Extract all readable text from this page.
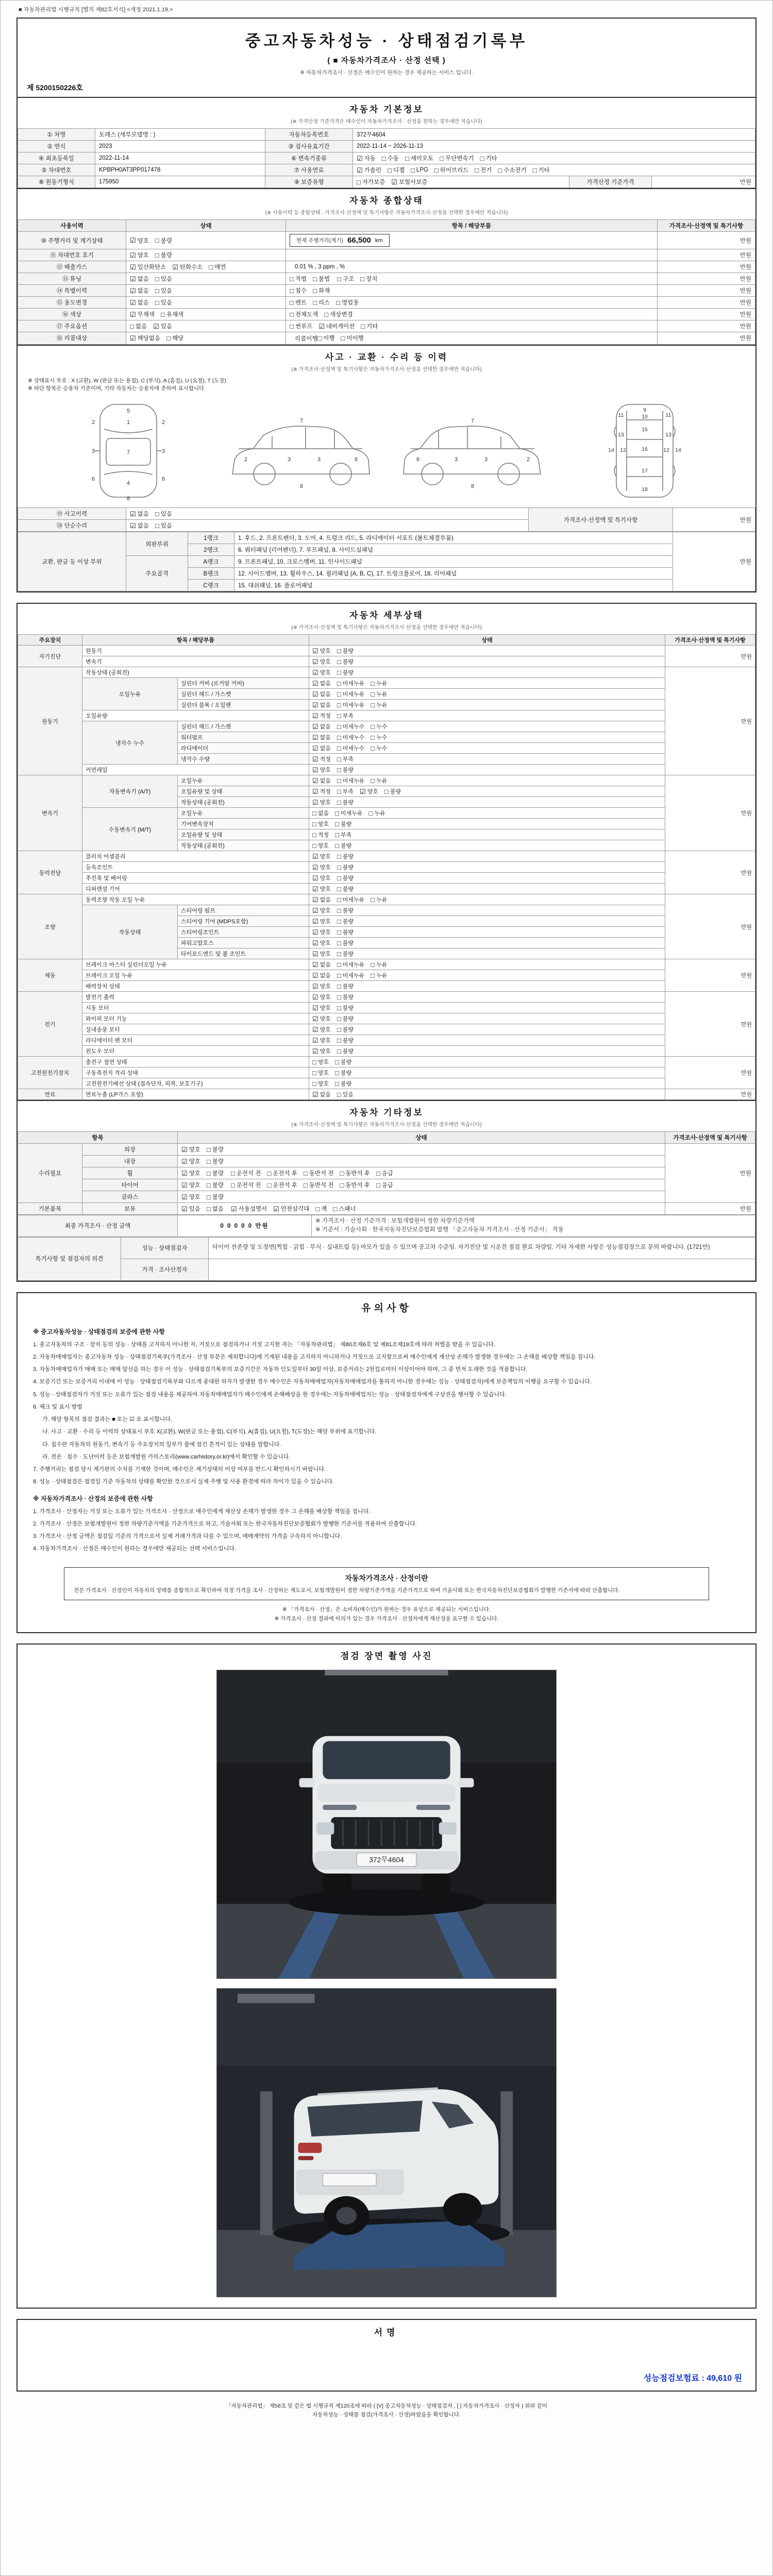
■ 자동차관리법 시행규칙 [별지 제82호서식] <개정 2021.1.19.>
중고자동차성능 · 상태점검기록부
( ■ 자동차가격조사 · 산정 선택 )
※ 자동차가격조사 · 산정은 매수인이 원하는 경우 제공하는 서비스 입니다.
제 5200150226호
자동차 기본정보
(※ 가격산정 기준가격은 매수인이 자동차가격조사 · 산정을 원하는 경우에만 적습니다)
① 차명	토레스 (세부모델명 : )	자동차등록번호	372무4604		
② 연식	2023	③ 검사유효기간	2022-11-14 ~ 2026-11-13		
④ 최초등록일	2022-11-14	⑥ 변속기종류	☑ 자동 □ 수동 □ 세미오토 □ 무단변속기 □ 기타

⑤ 차대번호	KPBPH0AT3PP017478	⑦ 사용연료	☑ 가솔린 □ 디젤 □ LPG □ 하이브리드 □ 전기 □ 수소전기 □ 기타

⑧ 원동기형식	175950	⑨ 보증유형	□ 자가보증 ☑ 보험사보증	가격산정 기준가격	만원
자동차 종합상태
(※ 사용이력 등 종합상태 · 가격조사·산정액 및 특기사항은 자동차가격조사·산정을 선택한 경우에만 적습니다)
사용이력	상태	항목 / 해당부품	가격조사·산정액 및 특기사항
⑩ 주행거리 및 계기상태	☑ 양호 □ 불량	현재 주행거리(계기) 66,500 km	만원
⑪ 차대번호 표기	☑ 양호 □ 불량		만원
⑫ 배출가스	☑ 일산화탄소 ☑ 탄화수소 □ 매연	0.01 % , 3 ppm , %	만원
⑬ 튜닝	☑ 없음 □ 있음	□ 적법 □ 불법 □ 구조 □ 장치	만원
⑭ 특별이력	☑ 없음 □ 있음	□ 침수 □ 화재	만원
⑮ 용도변경	☑ 없음 □ 있음	□ 렌트 □ 리스 □ 영업용	만원
⑯ 색상	☑ 무채색 □ 유채색	□ 전체도색 □ 색상변경	만원
⑰ 주요옵션	□ 없음 ☑ 있음	□ 썬루프 ☑ 네비게이션 □ 기타	만원
⑱ 리콜대상	☑ 해당없음 □ 해당	리콜이행 □ 이행 □ 미이행	만원
사고 · 교환 · 수리 등 이력
(※ 가격조사·산정액 및 특기사항은 자동차가격조사·산정을 선택한 경우에만 적습니다)
※ 상태표시 부호 : X (교환), W (판금 또는 용접), C (부식), A (흠집), U (요철), T (도장)
※ 하단 항목은 승용차 기준이며, 기타 자동차는 승용차에 준하여 표시합니다.
5
1
7
4
2	2
3	3
6	6
8
2	3	3	6
7
8
6	3	3	2
7
8
9
10
11	11
15
13	13
12	12
14	14
16
17
18
⑲ 사고이력	☑ 없음 □ 있음	가격조사·산정액 및 특기사항	만원
⑳ 단순수리	☑ 없음 □ 있음		
교환, 판금 등 이상 부위	외판부위	1랭크	1. 후드, 2. 프론트펜더, 3. 도어, 4. 트렁크 리드, 5. 라디에이터 서포트 (볼트체결부품)	만원
		2랭크	6. 쿼터패널 (리어펜더), 7. 루프패널, 8. 사이드실패널	
	주요골격	A랭크	9. 프론트패널, 10. 크로스멤버, 11. 인사이드패널	
		B랭크	12. 사이드멤버, 13. 휠하우스, 14. 필러패널 (A, B, C), 17. 트렁크플로어, 18. 리어패널	
		C랭크	15. 대쉬패널, 16. 플로어패널	
자동차 세부상태
(※ 가격조사·산정액 및 특기사항은 자동차가격조사·산정을 선택한 경우에만 적습니다)
주요장치	항목 / 해당부품		상태	가격조사·산정액 및 특기사항
자기진단	원동기		☑ 양호 □ 불량	만원
	변속기		☑ 양호 □ 불량	

원동기	작동상태 (공회전)		☑ 양호 □ 불량	만원
오일누유	실린더 커버 (로커암 커버)	☑ 없음 □ 미세누유 □ 누유

실린더 헤드 / 가스켓	☑ 없음 □ 미세누유 □ 누유

실린더 블록 / 오일팬	☑ 없음 □ 미세누유 □ 누유

	오일유량		☑ 적정 □ 부족	

냉각수 누수	실린더 헤드 / 가스켓	☑ 없음 □ 미세누수 □ 누수

워터펌프	☑ 없음 □ 미세누수 □ 누수

라디에이터	☑ 없음 □ 미세누수 □ 누수

		냉각수 수량	☑ 적정 □ 부족	

	커먼레일		☑ 양호 □ 불량	

변속기	자동변속기 (A/T)	오일누유	☑ 없음 □ 미세누유 □ 누유
	만원
오일유량 및 상태	☑ 적정 □ 부족 ☑ 양호 □ 불량

		작동상태 (공회전)	☑ 양호 □ 불량	

수동변속기 (M/T)	오일누유	□ 없음 □ 미세누유 □ 누유

		기어변속장치	□ 양호 □ 불량	

		오일유량 및 상태	□ 적정 □ 부족	

		작동상태 (공회전)	□ 양호 □ 불량	

동력전달	클러치 어셈블리		☑ 양호 □ 불량	만원
	등속조인트		☑ 양호 □ 불량	

	추진축 및 베어링		☑ 양호 □ 불량	

	디퍼렌셜 기어		☑ 양호 □ 불량	

조향	동력조향 작동 오일 누유	☑ 없음 □ 미세누유 □ 누유
	만원
	작동상태	스티어링 펌프	☑ 양호 □ 불량	

		스티어링 기어 (MDPS포함)	☑ 양호 □ 불량	

		스티어링조인트	☑ 양호 □ 불량	

		파워고압호스	☑ 양호 □ 불량	

		타이로드엔드 및 볼 조인트	☑ 양호 □ 불량	

제동	브레이크 마스터 실린더오일 누유	☑ 없음 □ 미세누유 □ 누유
	만원
브레이크 오일 누유	☑ 없음 □ 미세누유 □ 누유

	배력장치 상태		☑ 양호 □ 불량	

전기	발전기 출력		☑ 양호 □ 불량	만원
	시동 모터		☑ 양호 □ 불량	

	와이퍼 모터 기능		☑ 양호 □ 불량	

	실내송풍 모터		☑ 양호 □ 불량	

	라디에이터 팬 모터		☑ 양호 □ 불량	

	윈도우 모터		☑ 양호 □ 불량	

고전원전기장치	충전구 절연 상태		□ 양호 □ 불량	만원
	구동축전지 격리 상태		□ 양호 □ 불량	

	고전원전기배선 상태 (접속단자, 피복, 보호기구)		□ 양호 □ 불량	

연료	연료누출 (LP가스 포함)		☑ 없음 □ 있음	만원
자동차 기타정보
(※ 가격조사·산정액 및 특기사항은 자동차가격조사·산정을 선택한 경우에만 적습니다)
항목		상태	가격조사·산정액 및 특기사항
수리필요	외장	☑ 양호 □ 불량	만원
	내장	☑ 양호 □ 불량	

휠	☑ 양호 □ 불량 □ 운전석 전 □ 운전석 후 □ 동반석 전 □ 동반석 후 □ 응급

타이어	☑ 양호 □ 불량 □ 운전석 전 □ 운전석 후 □ 동반석 전 □ 동반석 후 □ 응급

	글라스	☑ 양호 □ 불량	

기본품목	보유	☑ 있음 □ 없음 ☑ 사용설명서 ☑ 안전삼각대 □ 잭 □ 스패너	만원
최종 가격조사 · 산정 금액	0 0 0 0 0 만원	
※ 가격조사 · 산정 기준가격 : 보험개발원이 정한 차량기준가액
※ 기준서 : 기술사회 · 한국자동차진단보증협회 발행 「중고자동차 가격조사 · 산정 기준서」 적용
특기사항 및 점검자의 의견	성능 · 상태점검자	타이어 잔존량 및 도장면(찍힘 · 긁힘 · 부식 · 실내트림 등) 마모가 있을 수 있으며 중고차 수준임. 자기진단 및 시운전 점검 완료 차량임. 기타 자세한 사항은 성능점검장으로 문의 바랍니다. (1721만)
	가격 · 조사산정자	
유의사항
※ 중고자동차성능 · 상태점검의 보증에 관한 사항
1. 중고자동차의 구조 · 장치 등의 성능 · 상태를 고지하지 아니한 자, 거짓으로 점검하거나 거짓 고지한 자는 「자동차관리법」 제80조제6호 및 제81조제19호에 따라 처벌을 받을 수 있습니다.
2. 자동차매매업자는 중고자동차 성능 · 상태점검기록부(가격조사 · 산정 부분은 제외합니다)에 기재된 내용을 고지하지 아니하거나 거짓으로 고지함으로써 매수인에게 재산상 손해가 발생한 경우에는 그 손해를 배상할 책임을 집니다.
3. 자동차매매업자가 매매 또는 매매 알선을 하는 경우 이 성능 · 상태점검기록부의 보증기간은 자동차 인도일부터 30일 이상, 보증거리는 2천킬로미터 이상이어야 하며, 그 중 먼저 도래한 것을 적용합니다.
4. 보증기간 또는 보증거리 이내에 이 성능 · 상태점검기록부와 다르게 중대한 하자가 발생한 경우 매수인은 자동차매매업자(자동차매매업자를 통하지 아니한 경우에는 성능 · 상태점검자)에게 보증책임의 이행을 요구할 수 있습니다.
5. 성능 · 상태점검자가 거짓 또는 오류가 있는 점검 내용을 제공하여 자동차매매업자가 매수인에게 손해배상을 한 경우에는 자동차매매업자는 성능 · 상태점검자에게 구상권을 행사할 수 있습니다.
6. 체크 및 표시 방법
가. 해당 항목의 점검 결과는 ■ 또는 ☑ 로 표시합니다.
나. 사고 · 교환 · 수리 등 이력의 상태표시 부호 X(교환), W(판금 또는 용접), C(부식), A(흠집), U(요철), T(도장)는 해당 부위에 표기합니다.
다. 침수란 자동차의 원동기, 변속기 등 주요장치의 일부가 물에 잠긴 흔적이 있는 상태를 말합니다.
라. 전손 · 침수 · 도난이력 등은 보험개발원 카히스토리(www.carhistory.or.kr)에서 확인할 수 있습니다.
7. 주행거리는 점검 당시 계기판의 수치를 기재한 것이며, 매수인은 계기상태의 이상 여부를 반드시 확인하시기 바랍니다.
8. 성능 · 상태점검은 점검일 기준 자동차의 상태를 확인한 것으로서 실제 주행 및 사용 환경에 따라 차이가 있을 수 있습니다.
※ 자동차가격조사 · 산정의 보증에 관한 사항
1. 가격조사 · 산정자는 거짓 또는 오류가 있는 가격조사 · 산정으로 매수인에게 재산상 손해가 발생한 경우 그 손해를 배상할 책임을 집니다.
2. 가격조사 · 산정은 보험개발원이 정한 차량기준가액을 기준가격으로 하고, 기술사회 또는 한국자동차진단보증협회가 발행한 기준서를 적용하여 산출합니다.
3. 가격조사 · 산정 금액은 점검일 기준의 가격으로서 실제 거래가격과 다를 수 있으며, 매매계약의 가격을 구속하지 아니합니다.
4. 자동차가격조사 · 산정은 매수인이 원하는 경우에만 제공되는 선택 서비스입니다.
자동차가격조사 · 산정이란
전문 가격조사 · 산정인이 자동차의 상태를 종합적으로 확인하여 적정 가격을 조사 · 산정하는 제도로서, 보험개발원이 정한 차량기준가액을 기준가격으로 하여 기술사회 또는 한국자동차진단보증협회가 발행한 기준서에 따라 산출합니다.
※ 「가격조사 · 산정」은 소비자(매수인)가 원하는 경우 유상으로 제공되는 서비스입니다.
※ 가격조사 · 산정 결과에 이의가 있는 경우 가격조사 · 산정자에게 재산정을 요구할 수 있습니다.
점검 장면 촬영 사진
372무4604
서명
성능점검보험료 : 49,610 원
「자동차관리법」 제58조 및 같은 법 시행규칙 제120조에 따라 ( [V] 중고자동차성능 · 상태점검자 , [ ] 자동차가격조사 · 산정자 ) 위와 같이
자동차성능 · 상태를 점검(가격조사 · 산정)하였음을 확인합니다.
